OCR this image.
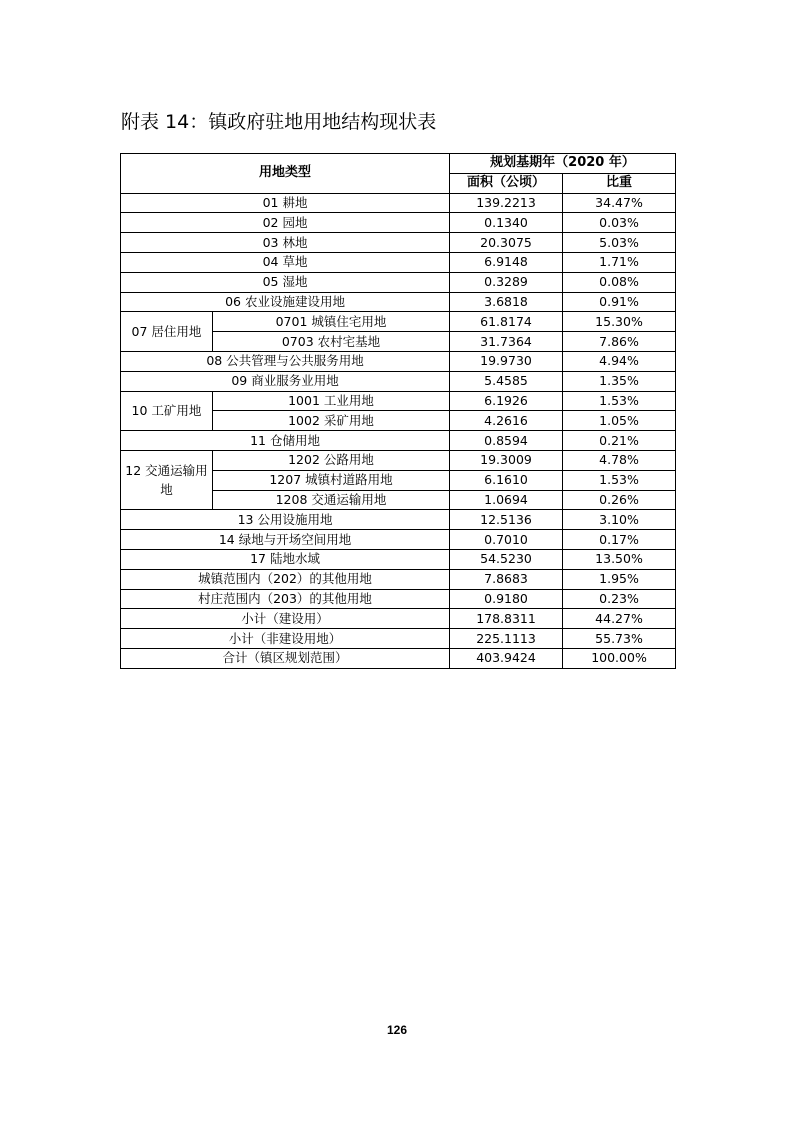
附表 14：镇政府驻地用地结构现状表
用地类型		规划基期年（2020 年）	
		面积（公顷）	比重
01 耕地		139.2213	34.47%
02 园地		0.1340	0.03%
03 林地		20.3075	5.03%
04 草地		6.9148	1.71%
05 湿地		0.3289	0.08%
06 农业设施建设用地		3.6818	0.91%
07 居住用地	0701 城镇住宅用地	61.8174	15.30%
	0703 农村宅基地	31.7364	7.86%
08 公共管理与公共服务用地		19.9730	4.94%
09 商业服务业用地		5.4585	1.35%
10 工矿用地	1001 工业用地	6.1926	1.53%
	1002 采矿用地	4.2616	1.05%
11 仓储用地		0.8594	0.21%
12 交通运输用地	1202 公路用地	19.3009	4.78%
	1207 城镇村道路用地	6.1610	1.53%
	1208 交通运输用地	1.0694	0.26%
13 公用设施用地		12.5136	3.10%
14 绿地与开场空间用地		0.7010	0.17%
17 陆地水域		54.5230	13.50%
城镇范围内（202）的其他用地		7.8683	1.95%
村庄范围内（203）的其他用地		0.9180	0.23%
小计（建设用）		178.8311	44.27%
小计（非建设用地）		225.1113	55.73%
合计（镇区规划范围）		403.9424	100.00%
126
